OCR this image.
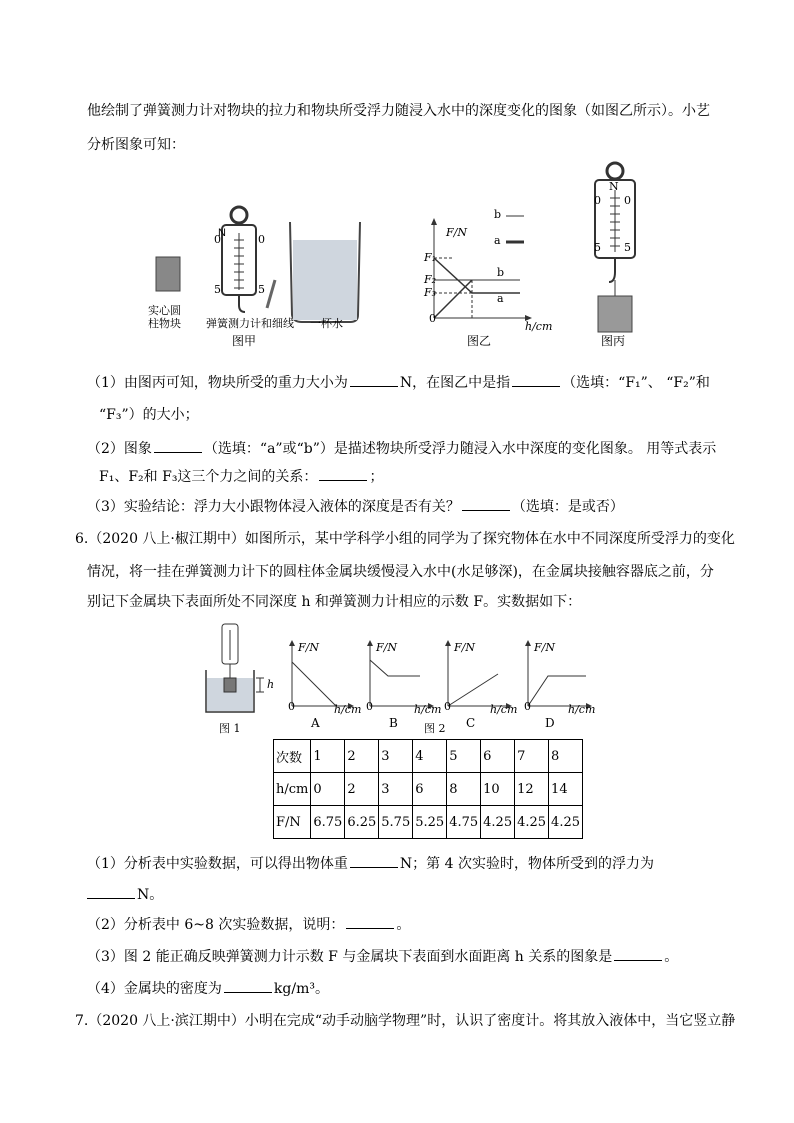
他绘制了弹簧测力计对物块的拉力和物块所受浮力随浸入水中的深度变化的图象（如图乙所示）。小艺
分析图象可知：
N
0	0
5	5
实心圆
柱物块 弹簧测力计和细线 一杯水
图甲
F/N
h/cm
0
F₁
F₂
F₃
b
a
b
a
图乙
N
0 0
5 5
图丙
（1）由图丙可知，物块所受的重力大小为	N，在图乙中是指	（选填：“F₁”、 “F₂”和
“F₃”）的大小；
（2）图象	（选填：“a”或“b”）是描述物块所受浮力随浸入水中深度的变化图象。 用等式表示
F₁、F₂和 F₃这三个力之间的关系：	；
（3）实验结论：浮力大小跟物体浸入液体的深度是否有关？	（选填：是或否）
6.（2020 八上·椒江期中）如图所示，某中学科学小组的同学为了探究物体在水中不同深度所受浮力的变化
情况，将一挂在弹簧测力计下的圆柱体金属块缓慢浸入水中(水足够深)，在金属块接触容器底之前，分
别记下金属块下表面所处不同深度 h 和弹簧测力计相应的示数 F。实数据如下：
h
图 1
F/N
h/cm
0
A
F/N
h/cm
0
B
F/N
h/cm
0
C
F/N
h/cm
0
D
图 2
次数	1	2	3	4	5	6	7	8
h/cm	0	2	3	6	8	10	12	14
F/N	6.75	6.25	5.75	5.25	4.75	4.25	4.25	4.25
（1）分析表中实验数据，可以得出物体重	N；第 4 次实验时，物体所受到的浮力为
N。
（2）分析表中 6~8 次实验数据，说明：	。
（3）图 2 能正确反映弹簧测力计示数 F 与金属块下表面到水面距离 h 关系的图象是	。
（4）金属块的密度为	kg/m³。
7.（2020 八上·滨江期中）小明在完成“动手动脑学物理”时，认识了密度计。将其放入液体中，当它竖立静
